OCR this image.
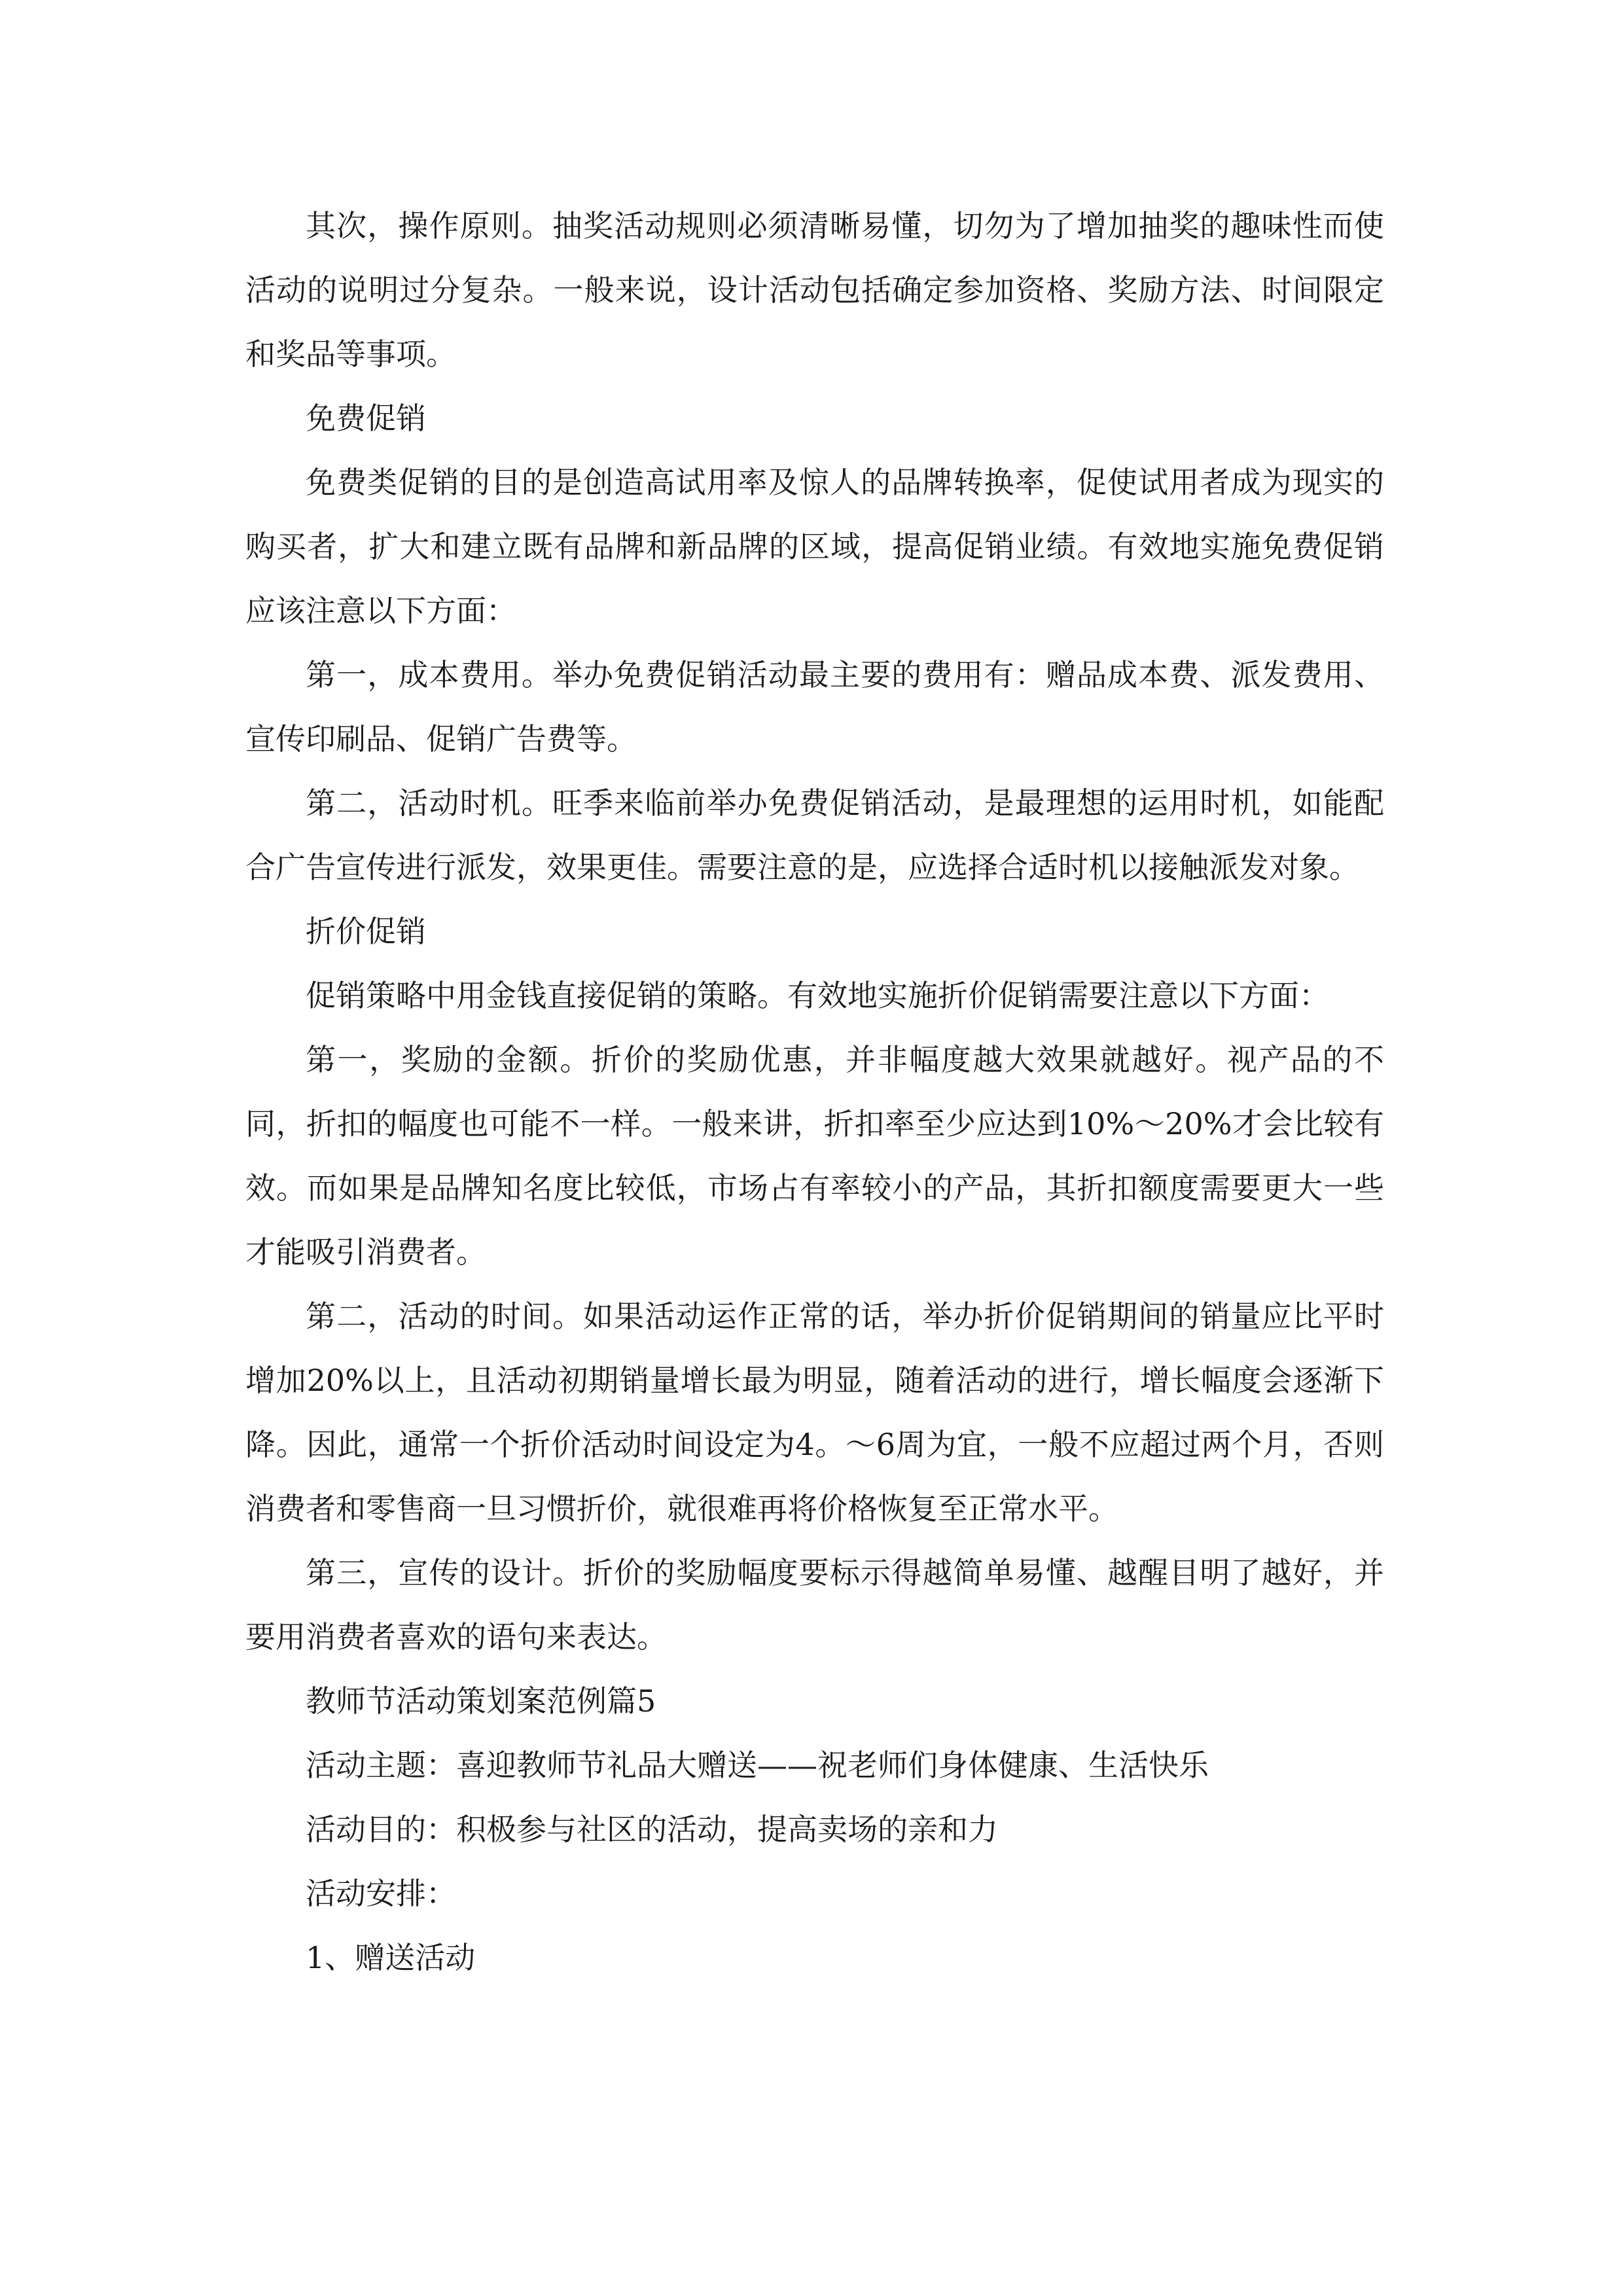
其次，操作原则。抽奖活动规则必须清晰易懂，切勿为了增加抽奖的趣味性而使活动的说明过分复杂。一般来说，设计活动包括确定参加资格、奖励方法、时间限定和奖品等事项。

免费促销

免费类促销的目的是创造高试用率及惊人的品牌转换率，促使试用者成为现实的购买者，扩大和建立既有品牌和新品牌的区域，提高促销业绩。有效地实施免费促销应该注意以下方面：

第一，成本费用。举办免费促销活动最主要的费用有：赠品成本费、派发费用、宣传印刷品、促销广告费等。

第二，活动时机。旺季来临前举办免费促销活动，是最理想的运用时机，如能配合广告宣传进行派发，效果更佳。需要注意的是，应选择合适时机以接触派发对象。

折价促销

促销策略中用金钱直接促销的策略。有效地实施折价促销需要注意以下方面：

第一，奖励的金额。折价的奖励优惠，并非幅度越大效果就越好。视产品的不同，折扣的幅度也可能不一样。一般来讲，折扣率至少应达到10%～20%才会比较有效。而如果是品牌知名度比较低，市场占有率较小的产品，其折扣额度需要更大一些才能吸引消费者。

第二，活动的时间。如果活动运作正常的话，举办折价促销期间的销量应比平时增加20%以上，且活动初期销量增长最为明显，随着活动的进行，增长幅度会逐渐下降。因此，通常一个折价活动时间设定为4。～6周为宜，一般不应超过两个月，否则消费者和零售商一旦习惯折价，就很难再将价格恢复至正常水平。

第三，宣传的设计。折价的奖励幅度要标示得越简单易懂、越醒目明了越好，并要用消费者喜欢的语句来表达。

教师节活动策划案范例篇5

活动主题：喜迎教师节礼品大赠送——祝老师们身体健康、生活快乐

活动目的：积极参与社区的活动，提高卖场的亲和力

活动安排：

1、赠送活动
